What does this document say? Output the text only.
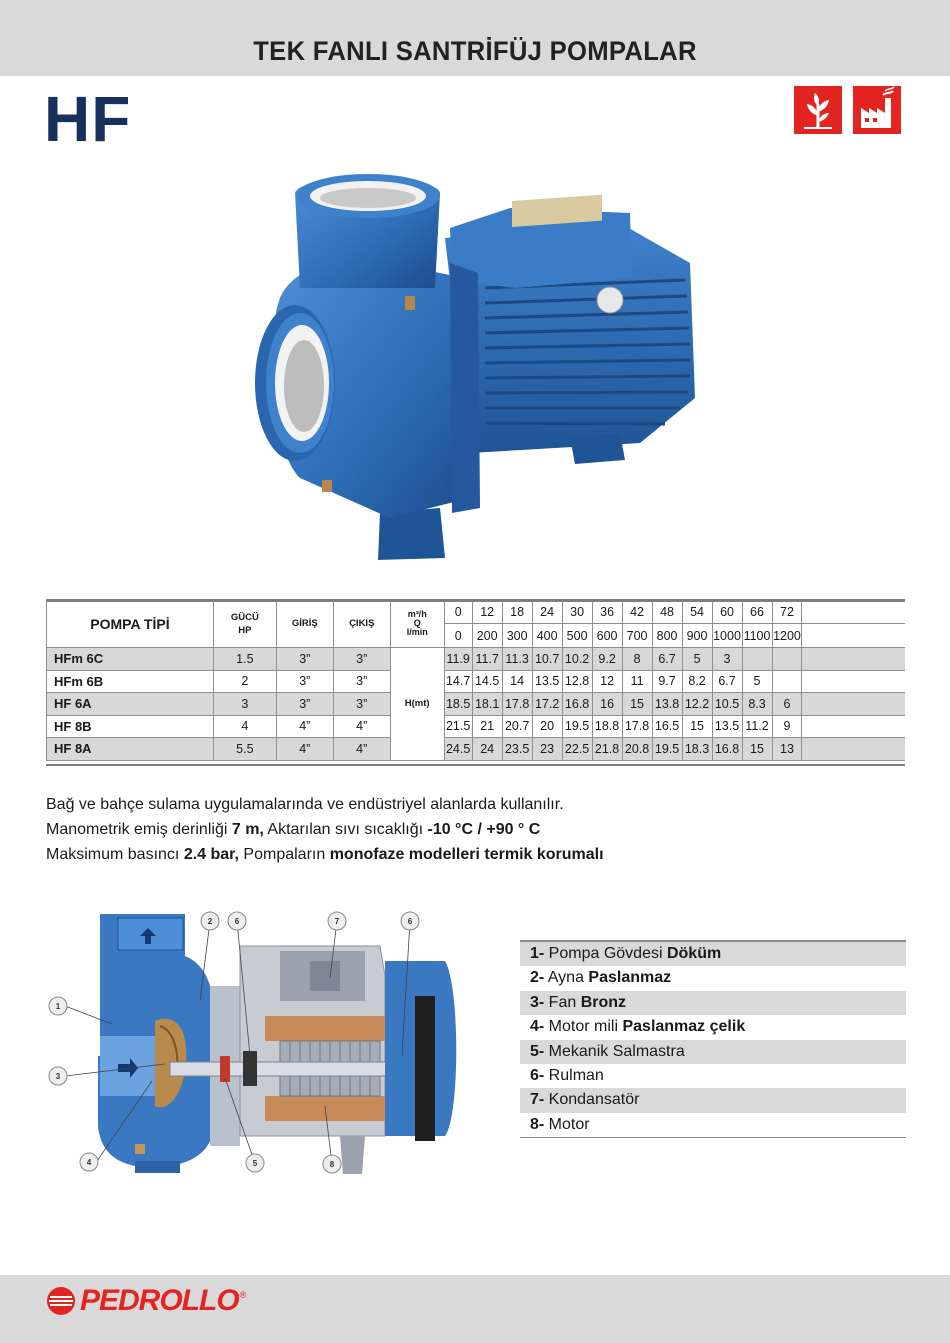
TEK FANLI SANTRİFÜJ POMPALAR
HF
POMPA TİPİ	GÜCÜ
HP	GİRİŞ	ÇIKIŞ	m³/h
Q
l/min	0	12	18	24	30	36	42	48	54	60	66	72	
					0	200	300	400	500	600	700	800	900	1000	1100	1200	
HFm 6C	1.5	3”	3”	H(mt)	11.9	11.7	11.3	10.7	10.2	9.2	8	6.7	5	3			
HFm 6B	2	3”	3”		14.7	14.5	14	13.5	12.8	12	11	9.7	8.2	6.7	5		
HF 6A	3	3”	3”		18.5	18.1	17.8	17.2	16.8	16	15	13.8	12.2	10.5	8.3	6	
HF 8B	4	4”	4”		21.5	21	20.7	20	19.5	18.8	17.8	16.5	15	13.5	11.2	9	
HF 8A	5.5	4”	4”		24.5	24	23.5	23	22.5	21.8	20.8	19.5	18.3	16.8	15	13	
Bağ ve bahçe sulama uygulamalarında ve endüstriyel alanlarda kullanılır.
Manometrik emiş derinliği 7 m, Aktarılan sıvı sıcaklığı -10 °C / +90 ° C
Maksimum basıncı 2.4 bar, Pompaların monofaze modelleri termik korumalı
1
2
3
4	5
6	6
7
8
1- Pompa Gövdesi Döküm
2- Ayna Paslanmaz
3- Fan Bronz
4- Motor mili Paslanmaz çelik
5- Mekanik Salmastra
6- Rulman
7- Kondansatör
8- Motor
PEDROLLO ®
